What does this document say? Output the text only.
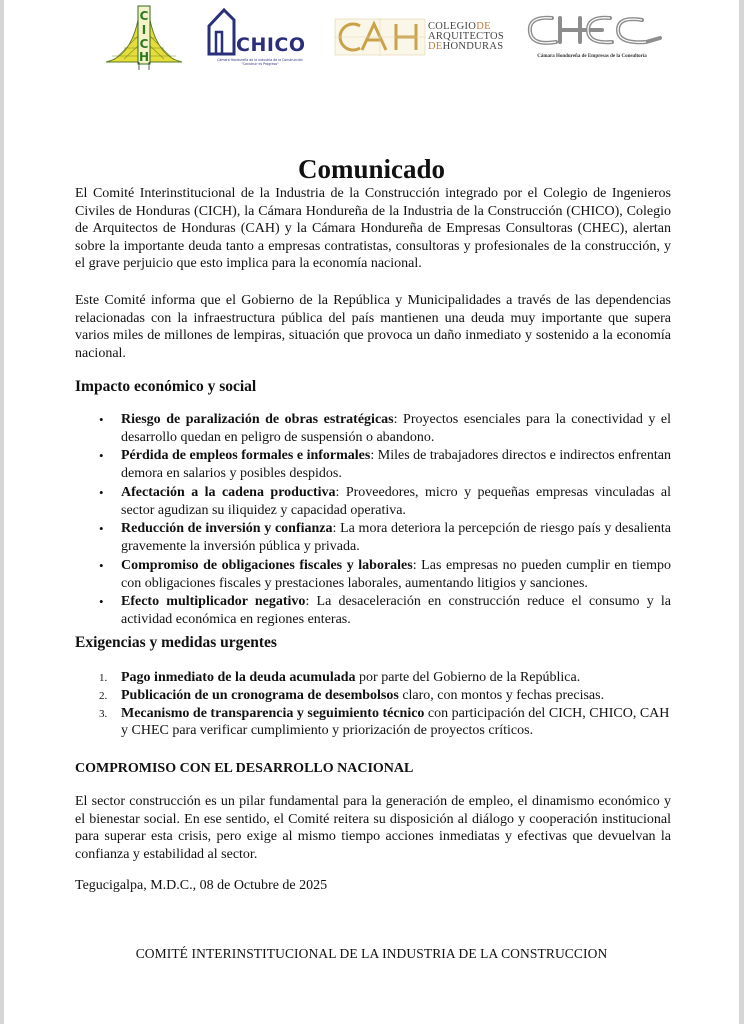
C
I
C
H
CHICO
Cámara Hondureña de la Industria de la Construcción
"Construir es Progreso"
COLEGIODE
ARQUITECTOS
DEHONDURAS
Cámara Hondureña de Empresas de la Consultoría
Comunicado

El Comité Interinstitucional de la Industria de la Construcción integrado por el Colegio de Ingenieros Civiles de Honduras (CICH), la Cámara Hondureña de la Industria de la Construcción (CHICO), Colegio de Arquitectos de Honduras (CAH) y la Cámara Hondureña de Empresas Consultoras (CHEC), alertan sobre la importante deuda tanto a empresas contratistas, consultoras y profesionales de la construcción, y el grave perjuicio que esto implica para la economía nacional.

Este Comité informa que el Gobierno de la República y Municipalidades a través de las dependencias relacionadas con la infraestructura pública del país mantienen una deuda muy importante que supera varios miles de millones de lempiras, situación que provoca un daño inmediato y sostenido a la economía nacional.

Impacto económico y social
• Riesgo de paralización de obras estratégicas: Proyectos esenciales para la conectividad y el desarrollo quedan en peligro de suspensión o abandono.
• Pérdida de empleos formales e informales: Miles de trabajadores directos e indirectos enfrentan demora en salarios y posibles despidos.
• Afectación a la cadena productiva: Proveedores, micro y pequeñas empresas vinculadas al sector agudizan su iliquidez y capacidad operativa.
• Reducción de inversión y confianza: La mora deteriora la percepción de riesgo país y desalienta gravemente la inversión pública y privada.
• Compromiso de obligaciones fiscales y laborales: Las empresas no pueden cumplir en tiempo con obligaciones fiscales y prestaciones laborales, aumentando litigios y sanciones.
• Efecto multiplicador negativo: La desaceleración en construcción reduce el consumo y la actividad económica en regiones enteras.
Exigencias y medidas urgentes
1. Pago inmediato de la deuda acumulada por parte del Gobierno de la República.
2. Publicación de un cronograma de desembolsos claro, con montos y fechas precisas.
3. Mecanismo de transparencia y seguimiento técnico con participación del CICH, CHICO, CAH y CHEC para verificar cumplimiento y priorización de proyectos críticos.
COMPROMISO CON EL DESARROLLO NACIONAL

El sector construcción es un pilar fundamental para la generación de empleo, el dinamismo económico y el bienestar social. En ese sentido, el Comité reitera su disposición al diálogo y cooperación institucional para superar esta crisis, pero exige al mismo tiempo acciones inmediatas y efectivas que devuelvan la confianza y estabilidad al sector.

Tegucigalpa, M.D.C., 08 de Octubre de 2025

COMITÉ INTERINSTITUCIONAL DE LA INDUSTRIA DE LA CONSTRUCCION
